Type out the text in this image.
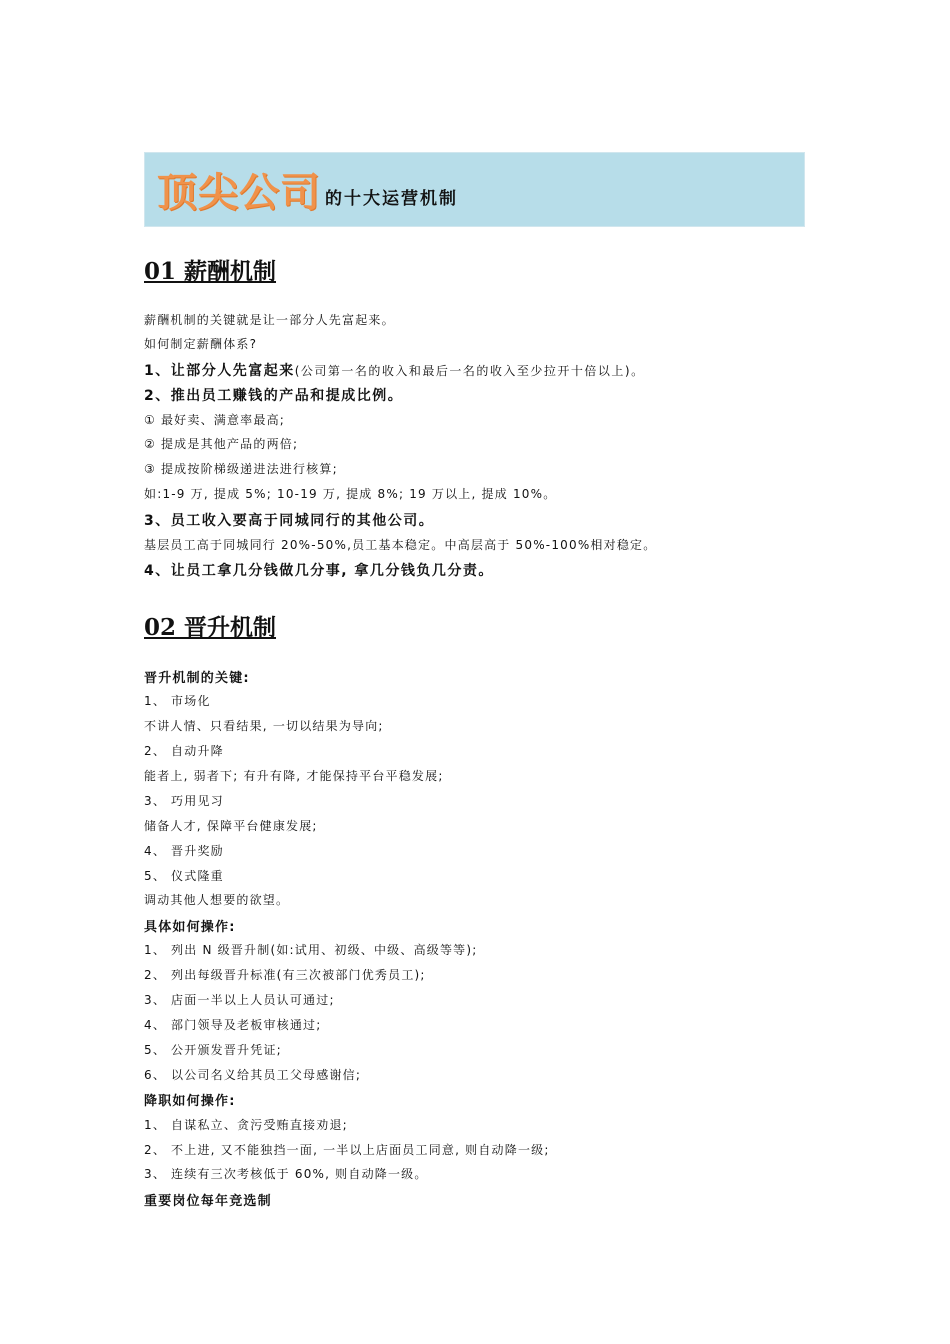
顶尖公司 的十大运营机制
01 薪酬机制
薪酬机制的关键就是让一部分人先富起来。
如何制定薪酬体系?
1、让部分人先富起来(公司第一名的收入和最后一名的收入至少拉开十倍以上)。
2、推出员工赚钱的产品和提成比例。
① 最好卖、满意率最高;
② 提成是其他产品的两倍;
③ 提成按阶梯级递进法进行核算;
如:1-9 万, 提成 5%; 10-19 万, 提成 8%; 19 万以上, 提成 10%。
3、员工收入要高于同城同行的其他公司。
基层员工高于同城同行 20%-50%,员工基本稳定。中高层高于 50%-100%相对稳定。
4、让员工拿几分钱做几分事, 拿几分钱负几分责。
02 晋升机制
晋升机制的关键:
1、 市场化
不讲人情、只看结果, 一切以结果为导向;
2、 自动升降
能者上, 弱者下; 有升有降, 才能保持平台平稳发展;
3、 巧用见习
储备人才, 保障平台健康发展;
4、 晋升奖励
5、 仪式隆重
调动其他人想要的欲望。
具体如何操作:
1、 列出 N 级晋升制(如:试用、初级、中级、高级等等);
2、 列出每级晋升标准(有三次被部门优秀员工);
3、 店面一半以上人员认可通过;
4、 部门领导及老板审核通过;
5、 公开颁发晋升凭证;
6、 以公司名义给其员工父母感谢信;
降职如何操作:
1、 自谋私立、贪污受贿直接劝退;
2、 不上进, 又不能独挡一面, 一半以上店面员工同意, 则自动降一级;
3、 连续有三次考核低于 60%, 则自动降一级。
重要岗位每年竞选制
